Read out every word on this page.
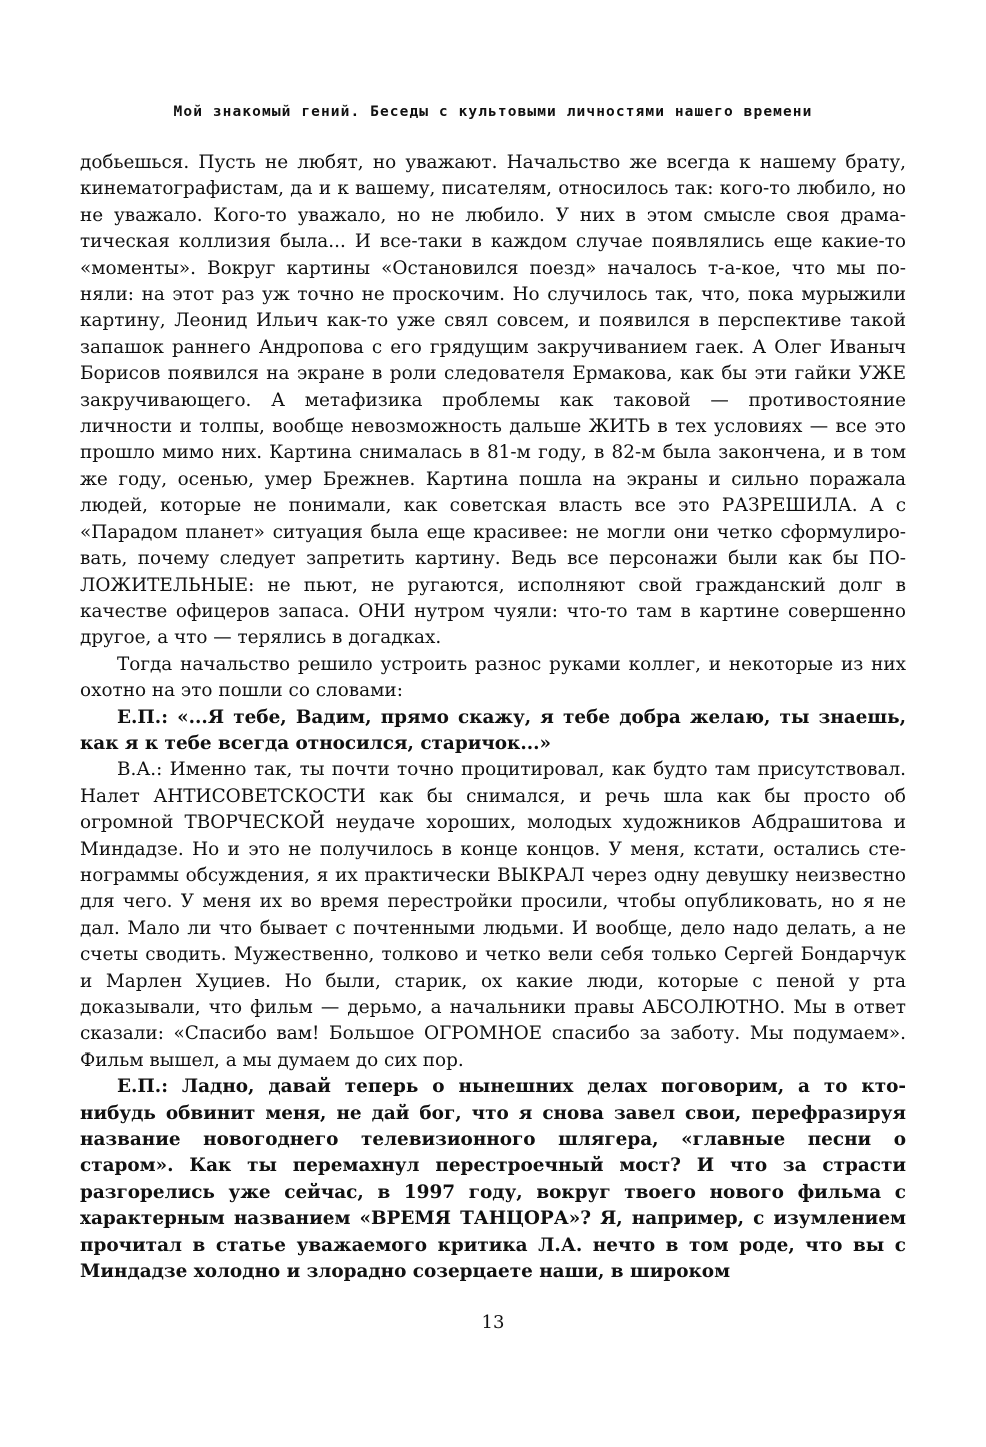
Мой знакомый гений. Беседы с культовыми личностями нашего времени

добьешься. Пусть не любят, но уважают. Начальство же всегда к нашему брату, кинематографистам, да и к вашему, писателям, относилось так: кого-то любило, но не уважало. Кого-то уважало, но не любило. У них в этом смысле своя драматическая коллизия была... И все-таки в каждом случае появлялись еще какие-то «моменты». Вокруг картины «Остановился поезд» началось т-а-кое, что мы поняли: на этот раз уж точно не проскочим. Но случилось так, что, пока мурыжили картину, Леонид Ильич как-то уже свял совсем, и появился в перспективе такой запашок раннего Андропова с его грядущим закручиванием гаек. А Олег Иваныч Борисов появился на экране в роли следователя Ермакова, как бы эти гайки УЖЕ закручивающего. А метафизика проблемы как таковой — противостояние личности и толпы, вообще невозможность дальше ЖИТЬ в тех условиях — все это прошло мимо них. Картина снималась в 81-м году, в 82-м была закончена, и в том же году, осенью, умер Брежнев. Картина пошла на экраны и сильно поражала людей, которые не понимали, как советская власть все это РАЗРЕШИЛА. А с «Парадом планет» ситуация была еще красивее: не могли они четко сформулировать, почему следует запретить картину. Ведь все персонажи были как бы ПОЛОЖИТЕЛЬНЫЕ: не пьют, не ругаются, исполняют свой гражданский долг в качестве офицеров запаса. ОНИ нутром чуяли: что-то там в картине совершенно другое, а что — терялись в догадках.

Тогда начальство решило устроить разнос руками коллег, и некоторые из них охотно на это пошли со словами:

Е.П.: «...Я тебе, Вадим, прямо скажу, я тебе добра желаю, ты знаешь, как я к тебе всегда относился, старичок...»

В.А.: Именно так, ты почти точно процитировал, как будто там присутствовал. Налет АНТИСОВЕТСКОСТИ как бы снимался, и речь шла как бы просто об огромной ТВОРЧЕСКОЙ неудаче хороших, молодых художников Абдрашитова и Миндадзе. Но и это не получилось в конце концов. У меня, кстати, остались стенограммы обсуждения, я их практически ВЫКРАЛ через одну девушку неизвестно для чего. У меня их во время перестройки просили, чтобы опубликовать, но я не дал. Мало ли что бывает с почтенными людьми. И вообще, дело надо делать, а не счеты сводить. Мужественно, толково и четко вели себя только Сергей Бондарчук и Марлен Хуциев. Но были, старик, ох какие люди, которые с пеной у рта доказывали, что фильм — дерьмо, а начальники правы АБСОЛЮТНО. Мы в ответ сказали: «Спасибо вам! Большое ОГРОМНОЕ спасибо за заботу. Мы подумаем». Фильм вышел, а мы думаем до сих пор.

Е.П.: Ладно, давай теперь о нынешних делах поговорим, а то кто-нибудь обвинит меня, не дай бог, что я снова завел свои, перефразируя название новогоднего телевизионного шлягера, «главные песни о старом». Как ты перемахнул перестроечный мост? И что за страсти разгорелись уже сейчас, в 1997 году, вокруг твоего нового фильма с характерным названием «ВРЕМЯ ТАНЦОРА»? Я, например, с изумлением прочитал в статье уважаемого критика Л.А. нечто в том роде, что вы с Миндадзе холодно и злорадно созерцаете наши, в широком

13
